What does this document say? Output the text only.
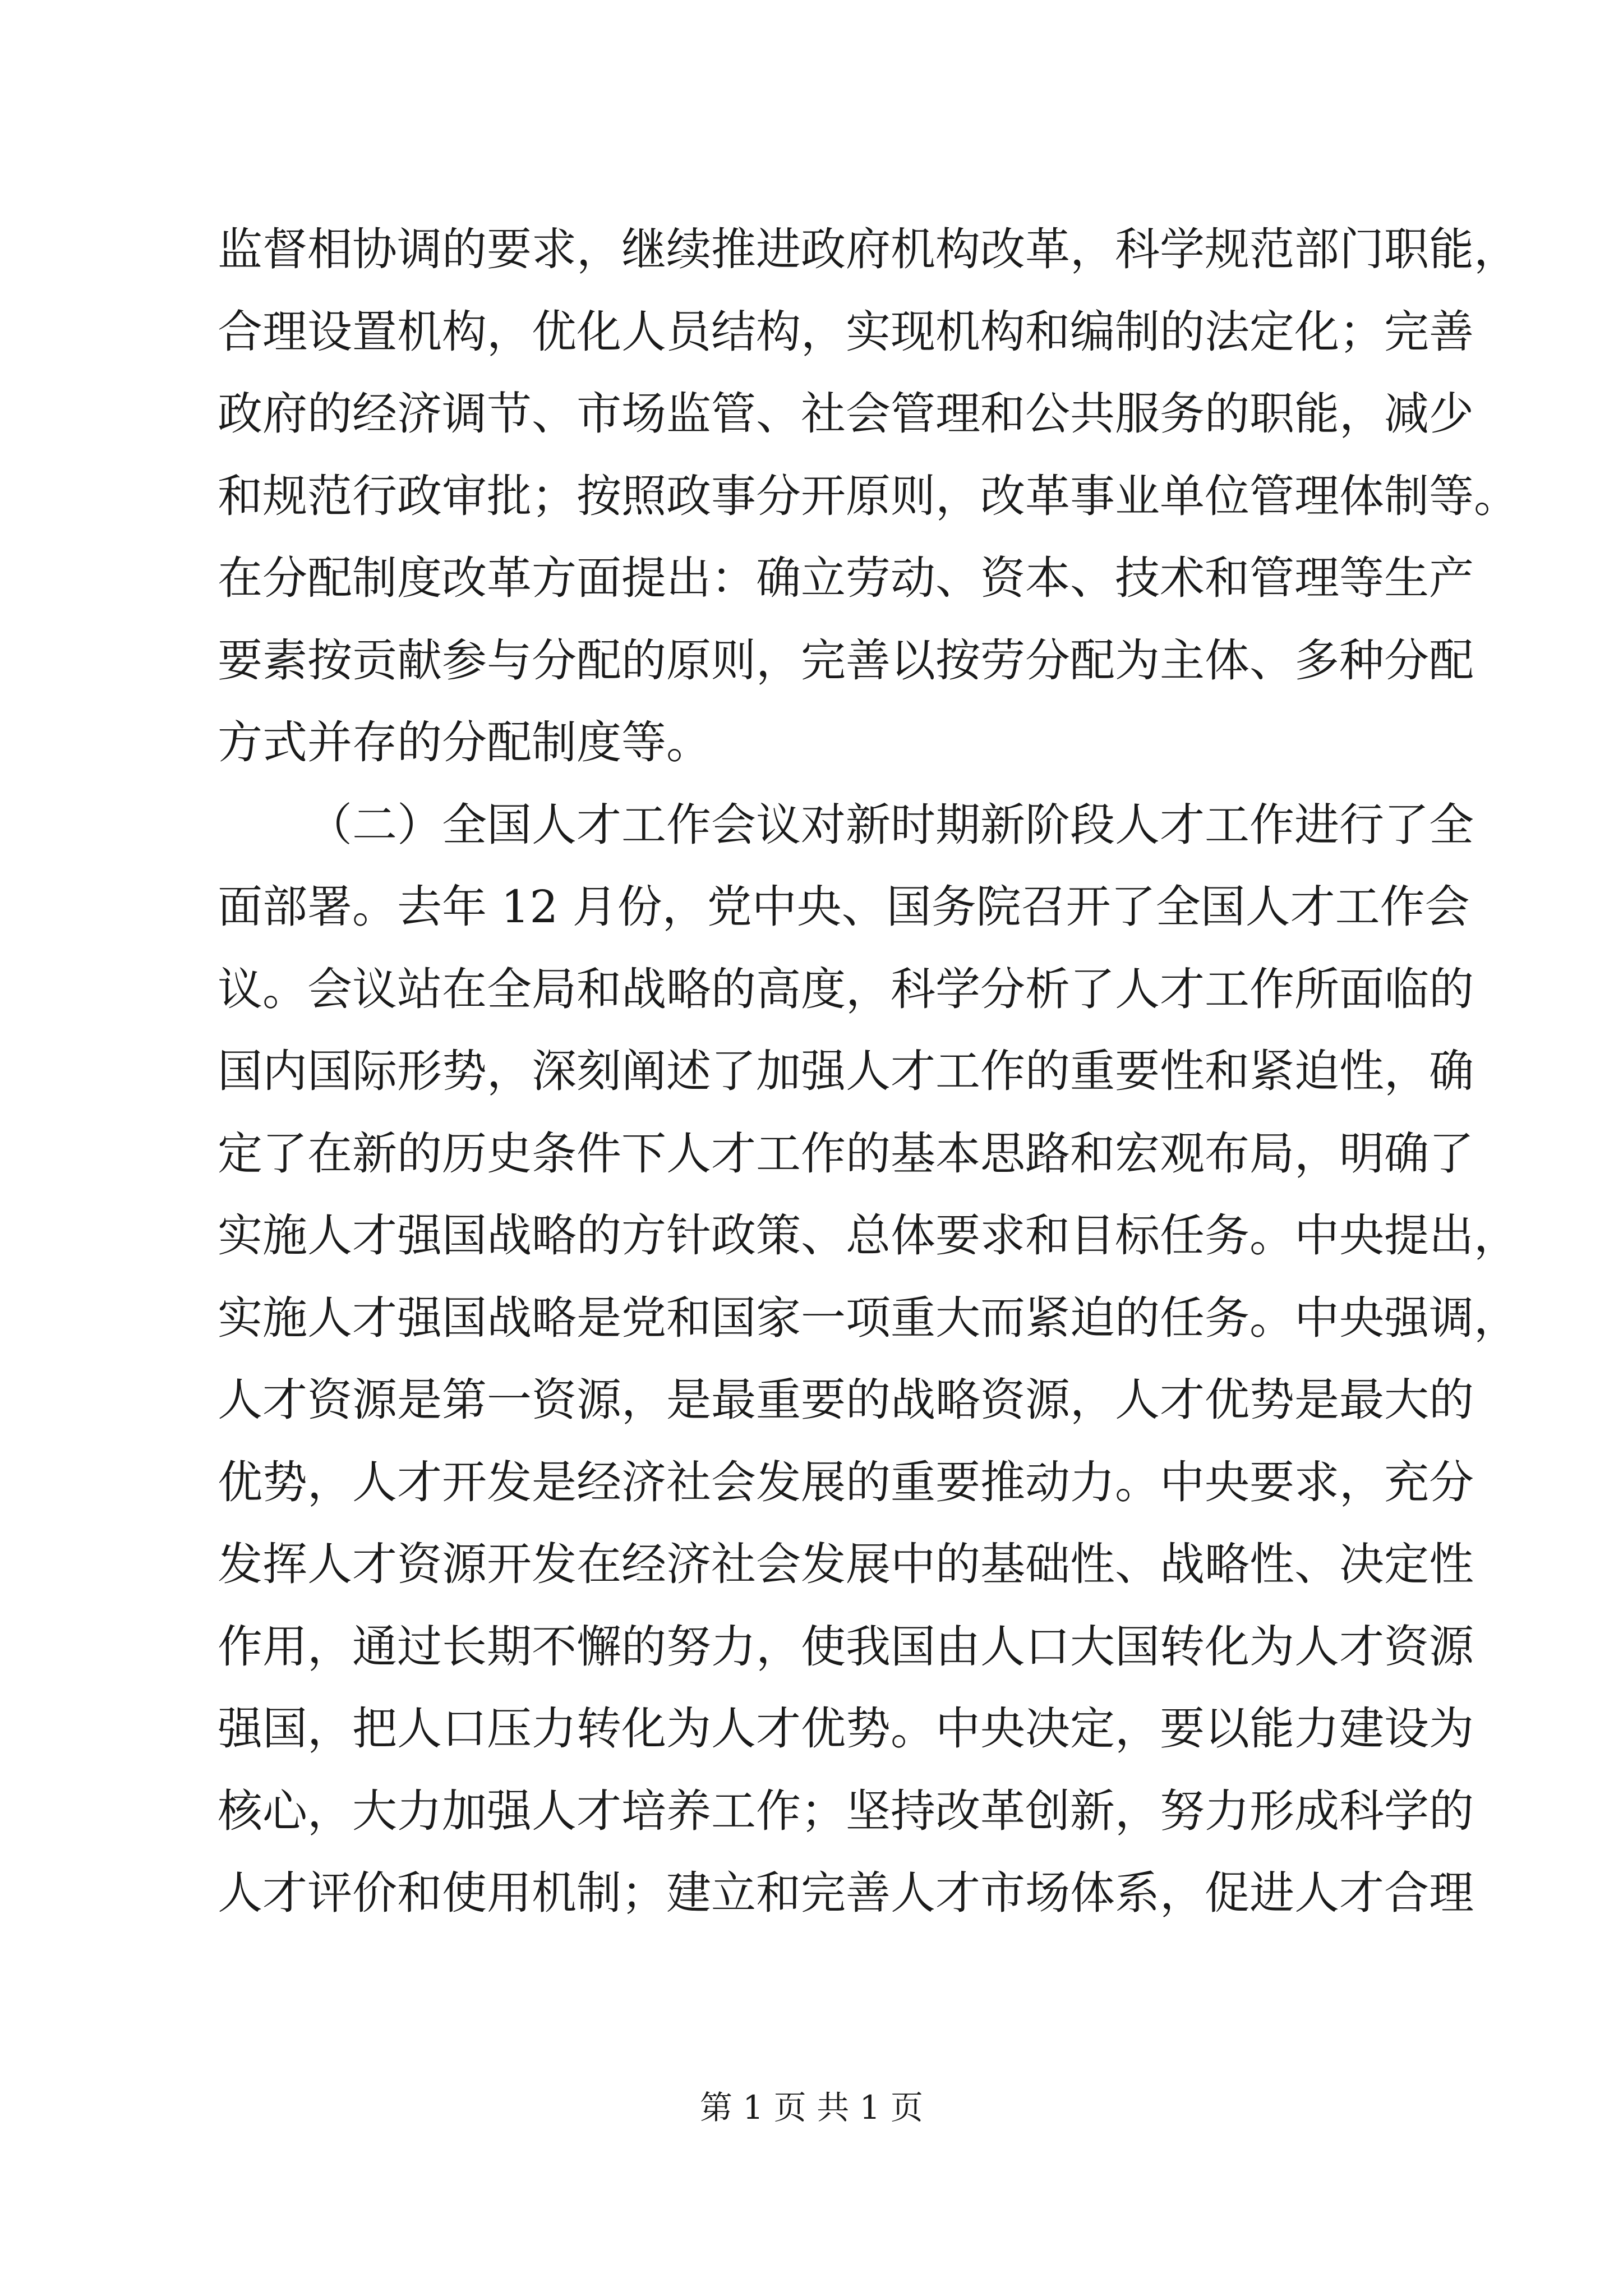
监督相协调的要求，继续推进政府机构改革，科学规范部门职能，
合理设置机构，优化人员结构，实现机构和编制的法定化；完善
政府的经济调节、市场监管、社会管理和公共服务的职能，减少
和规范行政审批；按照政事分开原则，改革事业单位管理体制等。
在分配制度改革方面提出：确立劳动、资本、技术和管理等生产
要素按贡献参与分配的原则，完善以按劳分配为主体、多种分配
方式并存的分配制度等。
（二）全国人才工作会议对新时期新阶段人才工作进行了全
面部署。去年 12 月份，党中央、国务院召开了全国人才工作会
议。会议站在全局和战略的高度，科学分析了人才工作所面临的
国内国际形势，深刻阐述了加强人才工作的重要性和紧迫性，确
定了在新的历史条件下人才工作的基本思路和宏观布局，明确了
实施人才强国战略的方针政策、总体要求和目标任务。中央提出，
实施人才强国战略是党和国家一项重大而紧迫的任务。中央强调，
人才资源是第一资源，是最重要的战略资源，人才优势是最大的
优势，人才开发是经济社会发展的重要推动力。中央要求，充分
发挥人才资源开发在经济社会发展中的基础性、战略性、决定性
作用，通过长期不懈的努力，使我国由人口大国转化为人才资源
强国，把人口压力转化为人才优势。中央决定，要以能力建设为
核心，大力加强人才培养工作；坚持改革创新，努力形成科学的
人才评价和使用机制；建立和完善人才市场体系，促进人才合理
第 1 页 共 1 页
